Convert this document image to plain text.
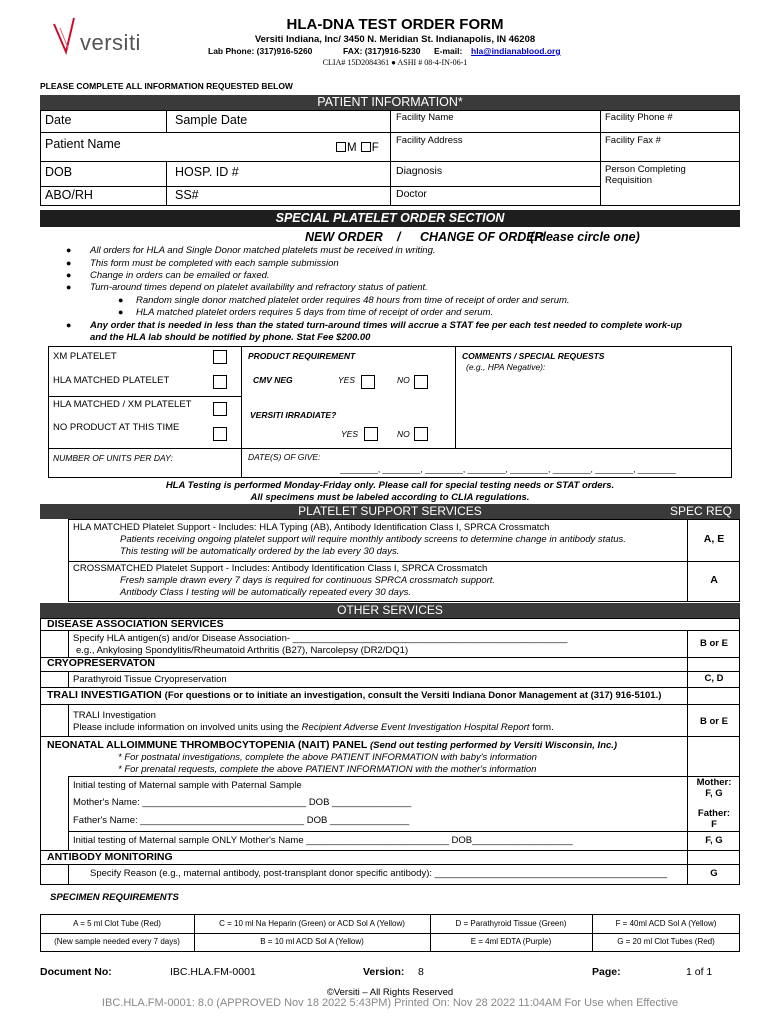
versiti
HLA-DNA TEST ORDER FORM
Versiti Indiana, Inc/ 3450 N. Meridian St. Indianapolis, IN 46208
Lab Phone: (317)916-5260	FAX: (317)916-5230 E-mail: hla@indianablood.org
CLIA# 15D2084361 ● ASHI # 08-4-IN-06-1
PLEASE COMPLETE ALL INFORMATION REQUESTED BELOW
PATIENT INFORMATION*
Date	Sample Date	Facility Name	Facility Phone #
Patient Name	M F
Facility Address	Facility Fax #
DOB	HOSP. ID #	Diagnosis	Person Completing Requisition
ABO/RH	SS#	Doctor
SPECIAL PLATELET ORDER SECTION
NEW ORDER / CHANGE OF ORDER
(Please circle one)
● All orders for HLA and Single Donor matched platelets must be received in writing.
● This form must be completed with each sample submission
● Change in orders can be emailed or faxed.
● Turn-around times depend on platelet availability and refractory status of patient.
● Random single donor matched platelet order requires 48 hours from time of receipt of order and serum.
● HLA matched platelet orders requires 5 days from time of receipt of order and serum.
● Any order that is needed in less than the stated turn-around times will accrue a STAT fee per each test needed to complete work-up
and the HLA lab should be notified by phone. Stat Fee $200.00
XM PLATELET
HLA MATCHED PLATELET
HLA MATCHED / XM PLATELET
NO PRODUCT AT THIS TIME
PRODUCT REQUIREMENT
CMV NEG	YES	NO
VERSITI IRRADIATE?
YES	NO
COMMENTS / SPECIAL REQUESTS
(e.g., HPA Negative):
NUMBER OF UNITS PER DAY:	DATE(S) OF GIVE:
________, ________, ________, ________, ________, ________, ________, ________
HLA Testing is performed Monday-Friday only. Please call for special testing needs or STAT orders.
All specimens must be labeled according to CLIA regulations.
PLATELET SUPPORT SERVICES	SPEC REQ
HLA MATCHED Platelet Support - Includes: HLA Typing (AB), Antibody Identification Class I, SPRCA Crossmatch
Patients receiving ongoing platelet support will require monthly antibody screens to determine change in antibody status.
This testing will be automatically ordered by the lab every 30 days.
A, E
CROSSMATCHED Platelet Support - Includes: Antibody Identification Class I, SPRCA Crossmatch
Fresh sample drawn every 7 days is required for continuous SPRCA crossmatch support.
Antibody Class I testing will be automatically repeated every 30 days.
A
OTHER SERVICES
DISEASE ASSOCIATION SERVICES
Specify HLA antigen(s) and/or Disease Association- ____________________________________________________
e.g., Ankylosing Spondylitis/Rheumatoid Arthritis (B27), Narcolepsy (DR2/DQ1)
B or E
CRYOPRESERVATON
Parathyroid Tissue Cryopreservation	C, D
TRALI INVESTIGATION (For questions or to initiate an investigation, consult the Versiti Indiana Donor Management at (317) 916-5101.)
TRALI Investigation
Please include information on involved units using the Recipient Adverse Event Investigation Hospital Report form.
B or E
NEONATAL ALLOIMMUNE THROMBOCYTOPENIA (NAIT) PANEL (Send out testing performed by Versiti Wisconsin, Inc.)
* For postnatal investigations, complete the above PATIENT INFORMATION with baby's information
* For prenatal requests, complete the above PATIENT INFORMATION with the mother's information
Initial testing of Maternal sample with Paternal Sample
Mother's Name: _______________________________ DOB _______________
Father's Name: _______________________________ DOB _______________
Mother:
F, G
Father:
F
Initial testing of Maternal sample ONLY Mother's Name ___________________________ DOB___________________	F, G
ANTIBODY MONITORING
Specify Reason (e.g., maternal antibody, post-transplant donor specific antibody): ____________________________________________	G
SPECIMEN REQUIREMENTS
A = 5 ml Clot Tube (Red)	C = 10 ml Na Heparin (Green) or ACD Sol A (Yellow)	D = Parathyroid Tissue (Green)	F = 40ml ACD Sol A (Yellow)
(New sample needed every 7 days)	B = 10 ml ACD Sol A (Yellow)	E = 4ml EDTA (Purple)	G = 20 ml Clot Tubes (Red)
Document No:	IBC.HLA.FM-0001	Version: 8	Page:	1 of 1
©Versiti – All Rights Reserved
IBC.HLA.FM-0001: 8.0 (APPROVED Nov 18 2022 5:43PM) Printed On: Nov 28 2022 11:04AM For Use when Effective
